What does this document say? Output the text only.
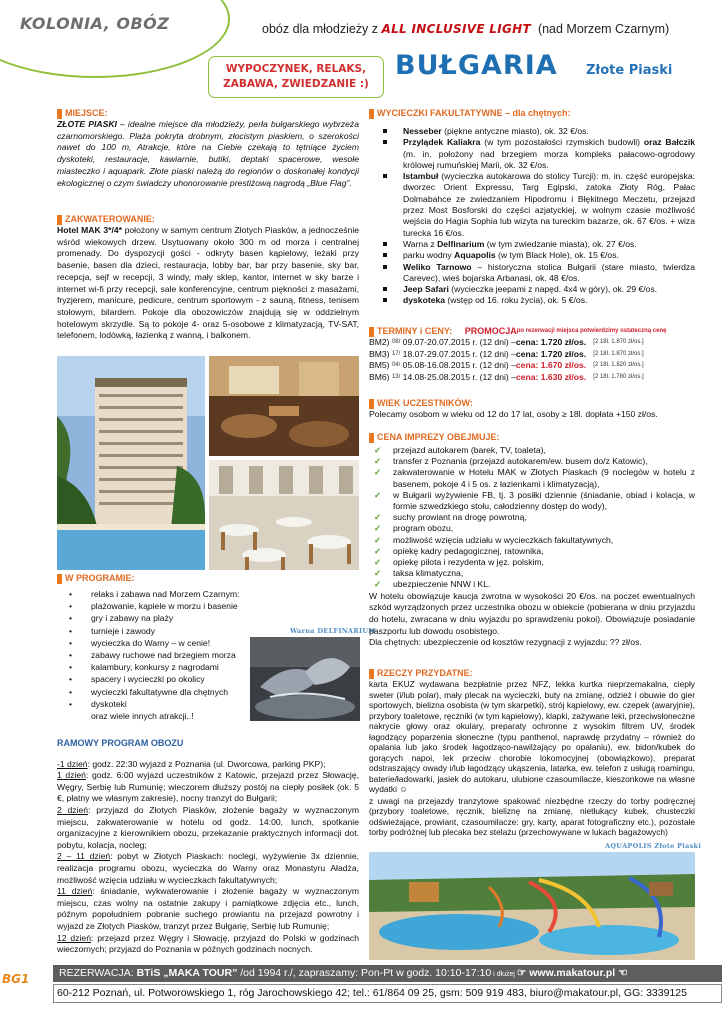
KOLONIA, OBÓZ	obóz dla młodzieży z ALL INCLUSIVE LIGHT (nad Morzem Czarnym)
WYPOCZYNEK, RELAKS,
ZABAWA, ZWIEDZANIE :)
BUŁGARIA Złote Piaski
MIEJSCE:

ZŁOTE PIASKI – idealne miejsce dla młodzieży, perła bułgarskiego wybrzeża czarnomorskiego. Plaża pokryta drobnym, złocistym piaskiem, o szerokości nawet do 100 m, Atrakcje, które na Ciebie czekają to tętniące życiem dyskoteki, restauracje, kawiarnie, butiki, deptaki spacerowe, wesołe miasteczko i aquapark. Złote piaski należą do regionów o doskonałej kondycji ekologicznej o czym świadczy uhonorowanie prestiżową nagrodą „Blue Flag”.

ZAKWATEROWANIE:

Hotel MAK 3*/4* położony w samym centrum Złotych Piasków, a jednocześnie wśród wiekowych drzew. Usytuowany około 300 m od morza i centralnej promenady. Do dyspozycji gości - odkryty basen kąpielowy, leżaki przy basenie, basen dla dzieci, restauracja, lobby bar, bar przy basenie, sky bar, recepcja, sejf w recepcji, 3 windy, mały sklep, kantor, internet w sky barze i internet wi-fi przy recepcji, sale konferencyjne, centrum piękności z masażami, fryzjerem, manicure, pedicure, centrum sportowym - z sauną, fitness, tenisem stołowym, bilardem. Pokoje dla obozowiczów znajdują się w oddzielnym hotelowym skrzydle. Są to pokoje 4- oraz 5-osobowe z klimatyzacją, TV-SAT, telefonem, lodówką, łazienką z wanną, i balkonem.

W PROGRAMIE:
• relaks i zabawa nad Morzem Czarnym:
• plażowanie, kąpiele w morzu i basenie
• gry i zabawy na plaży
• turnieje i zawody
• wycieczka do Warny – w cenie!
• zabawy ruchowe nad brzegiem morza
• kalambury, konkursy z nagrodami
• spacery i wycieczki po okolicy
• wycieczki fakultatywne dla chętnych
• dyskoteki
oraz wiele innych atrakcji..!
Warna DELFINARIUM
RAMOWY PROGRAM OBOZU

-1 dzień: godz. 22:30 wyjazd z Poznania (ul. Dworcowa, parking PKP);

1 dzień: godz. 6:00 wyjazd uczestników z Katowic, przejazd przez Słowację, Węgry, Serbię lub Rumunię; wieczorem dłuższy postój na ciepły posiłek (ok. 5 €, płatny we własnym zakresie), nocny tranzyt do Bułgarii;

2 dzień: przyjazd do Złotych Piasków, złożenie bagaży w wyznaczonym miejscu, zakwaterowanie w hotelu od godz. 14:00, lunch, spotkanie organizacyjne z kierownikiem obozu, przekazanie praktycznych informacji dot. pobytu, kolacja, nocleg;

2 – 11 dzień: pobyt w Złotych Piaskach: noclegi, wyżywienie 3x dziennie, realizacja programu obozu, wycieczka do Warny oraz Monastyru Aładża, możliwość wzięcia udziału w wycieczkach fakultatywnych;

11 dzień: śniadanie, wykwaterowanie i złożenie bagaży w wyznaczonym miejscu, czas wolny na ostatnie zakupy i pamiątkowe zdjęcia etc., lunch, późnym popołudniem pobranie suchego prowiantu na przejazd powrotny i wyjazd ze Złotych Piasków, tranzyt przez Bułgarię, Serbię lub Rumunię;

12 dzień: przejazd przez Węgry i Słowację, przyjazd do Polski w godzinach wieczornych; przyjazd do Poznania w późnych godzinach nocnych.

WYCIECZKI FAKULTATYWNE – dla chętnych:
Nesseber (piękne antyczne miasto), ok. 32 €/os.
Przylądek Kaliakra (w tym pozostałości rzymskich budowli) oraz Bałczik (m. in. położony nad brzegiem morza kompleks pałacowo-ogrodowy królowej rumuńskiej Marii, ok. 32 €/os.
Istambuł (wycieczka autokarowa do stolicy Turcji): m. in. część europejska: dworzec Orient Expressu, Targ Egipski, zatoka Złoty Róg, Pałac Dolmabahce ze zwiedzaniem Hipodromu i Błękitnego Meczetu, przejazd przez Most Bosforski do części azjatyckiej, w wolnym czasie możliwość wejścia do Hagia Sophia lub wizyta na tureckim bazarze, ok. 67 €/os. + wiza turecka 16 €/os.
Warna z Delfinarium (w tym zwiedzanie miasta), ok. 27 €/os.
parku wodny Aquapolis (w tym Black Hole), ok. 15 €/os.
Weliko Tarnowo – historyczna stolica Bułgarii (stare miasto, twierdza Carevec), wieś bojarska Arbanasi, ok. 48 €/os.
Jeep Safari (wycieczka jeepami z napęd. 4x4 w góry), ok. 29 €/os.
dyskoteka (wstęp od 16. roku życia), ok. 5 €/os.
TERMINY i CENY:
PROMOCJA po rezerwacji miejsca potwierdzimy ostateczną cenę
BM2)
08/
09.07-20.07.2015 r. (12 dni) – cena: 1.720 zł/os.
[2 18l. 1.870 zł/os.]
BM3)
17/
18.07-29.07.2015 r. (12 dni) – cena: 1.720 zł/os.
[2 18l. 1.870 zł/os.]
BM5)
04/
05.08-16.08.2015 r. (12 dni) – cena: 1.670 zł/os.
[2 18l. 1.820 zł/os.]
BM6)
13/
14.08-25.08.2015 r. (12 dni) – cena: 1.630 zł/os.
[2 18l. 1.780 zł/os.]
WIEK UCZESTNIKÓW:

Polecamy osobom w wieku od 12 do 17 lat, osoby ≥ 18l. dopłata +150 zł/os.

CENA IMPREZY OBEJMUJE:
✓ przejazd autokarem (barek, TV, toaleta),
✓ transfer z Poznania (przejazd autokarem/ew. busem do/z Katowic),
✓ zakwaterowanie w Hotelu MAK w Złotych Piaskach (9 noclegów w hotelu z basenem, pokoje 4 i 5 os. z łazienkami i klimatyzacją),
✓ w Bułgarii wyżywienie FB, tj. 3 posiłki dziennie (śniadanie, obiad i kolacja, w formie szwedzkiego stołu, całodzienny dostęp do wody),
✓ suchy prowiant na drogę powrotną,
✓ program obozu,
✓ możliwość wzięcia udziału w wycieczkach fakultatywnych,
✓ opiekę kadry pedagogicznej, ratownika,
✓ opiekę pilota i rezydenta w jęz. polskim,
✓ taksa klimatyczna,
✓ ubezpieczenie NNW i KL.

W hotelu obowiązuje kaucja zwrotna w wysokości 20 €/os. na poczet ewentualnych szkód wyrządzonych przez uczestnika obozu w obiekcie (pobierana w dniu przyjazdu do hotelu, zwracana w dniu wyjazdu po sprawdzeniu pokoi). Obowiązuje posiadanie paszportu lub dowodu osobistego.

Dla chętnych: ubezpieczenie od kosztów rezygnacji z wyjazdu: ?? zł/os.

RZECZY PRZYDATNE:

karta EKUZ wydawana bezpłatnie przez NFZ, lekka kurtka nieprzemakalna, ciepły sweter (i/lub polar), mały plecak na wycieczki, buty na zmianę, odzież i obuwie do gier sportowych, bielizna osobista (w tym skarpetki), strój kąpielowy, ew. czepek (awaryjnie), przybory toaletowe, ręczniki (w tym kąpielowy), klapki, zażywane leki, przeciwsłoneczne nakrycie głowy oraz okulary, preparaty ochronne z wysokim filtrem UV, środek łagodzący poparzenia słoneczne (typu panthenol, naprawdę przydatny – również do opalania lub jako środek łagodząco-nawilżający po opalaniu), ew. bidon/kubek do gorących napoi, lek przeciw chorobie lokomocyjnej (obowiązkowo), preparat odstraszający owady i/lub łagodzący ukąszenia, latarka, ew. telefon z usługą roamingu, baterie/ładowarki, jasiek do autokaru, ulubione czasoumilacze, kieszonkowe na własne wydatki ☺

z uwagi na przejazdy tranzytowe spakować niezbędne rzeczy do torby podręcznej (przybory toaletowe, ręcznik, bieliznę na zmianę, nietłukący kubek, chusteczki odświeżające, prowiant, czasoumilacze: gry, karty, aparat fotograficzny etc.), pozostałe torby podróżnej lub plecaka bez stelażu (przechowywane w lukach bagażowych)

AQUAPOLIS Złote Piaski
BG1	REZERWACJA: BTiS „MAKA TOUR” /od 1994 r./, zapraszamy: Pon-Pt w godz. 10:10-17:10 i dłużej ☞ www.makatour.pl ☜
60-212 Poznań, ul. Potworowskiego 1, róg Jarochowskiego 42; tel.: 61/864 09 25, gsm: 509 919 483, biuro@makatour.pl, GG: 3339125
